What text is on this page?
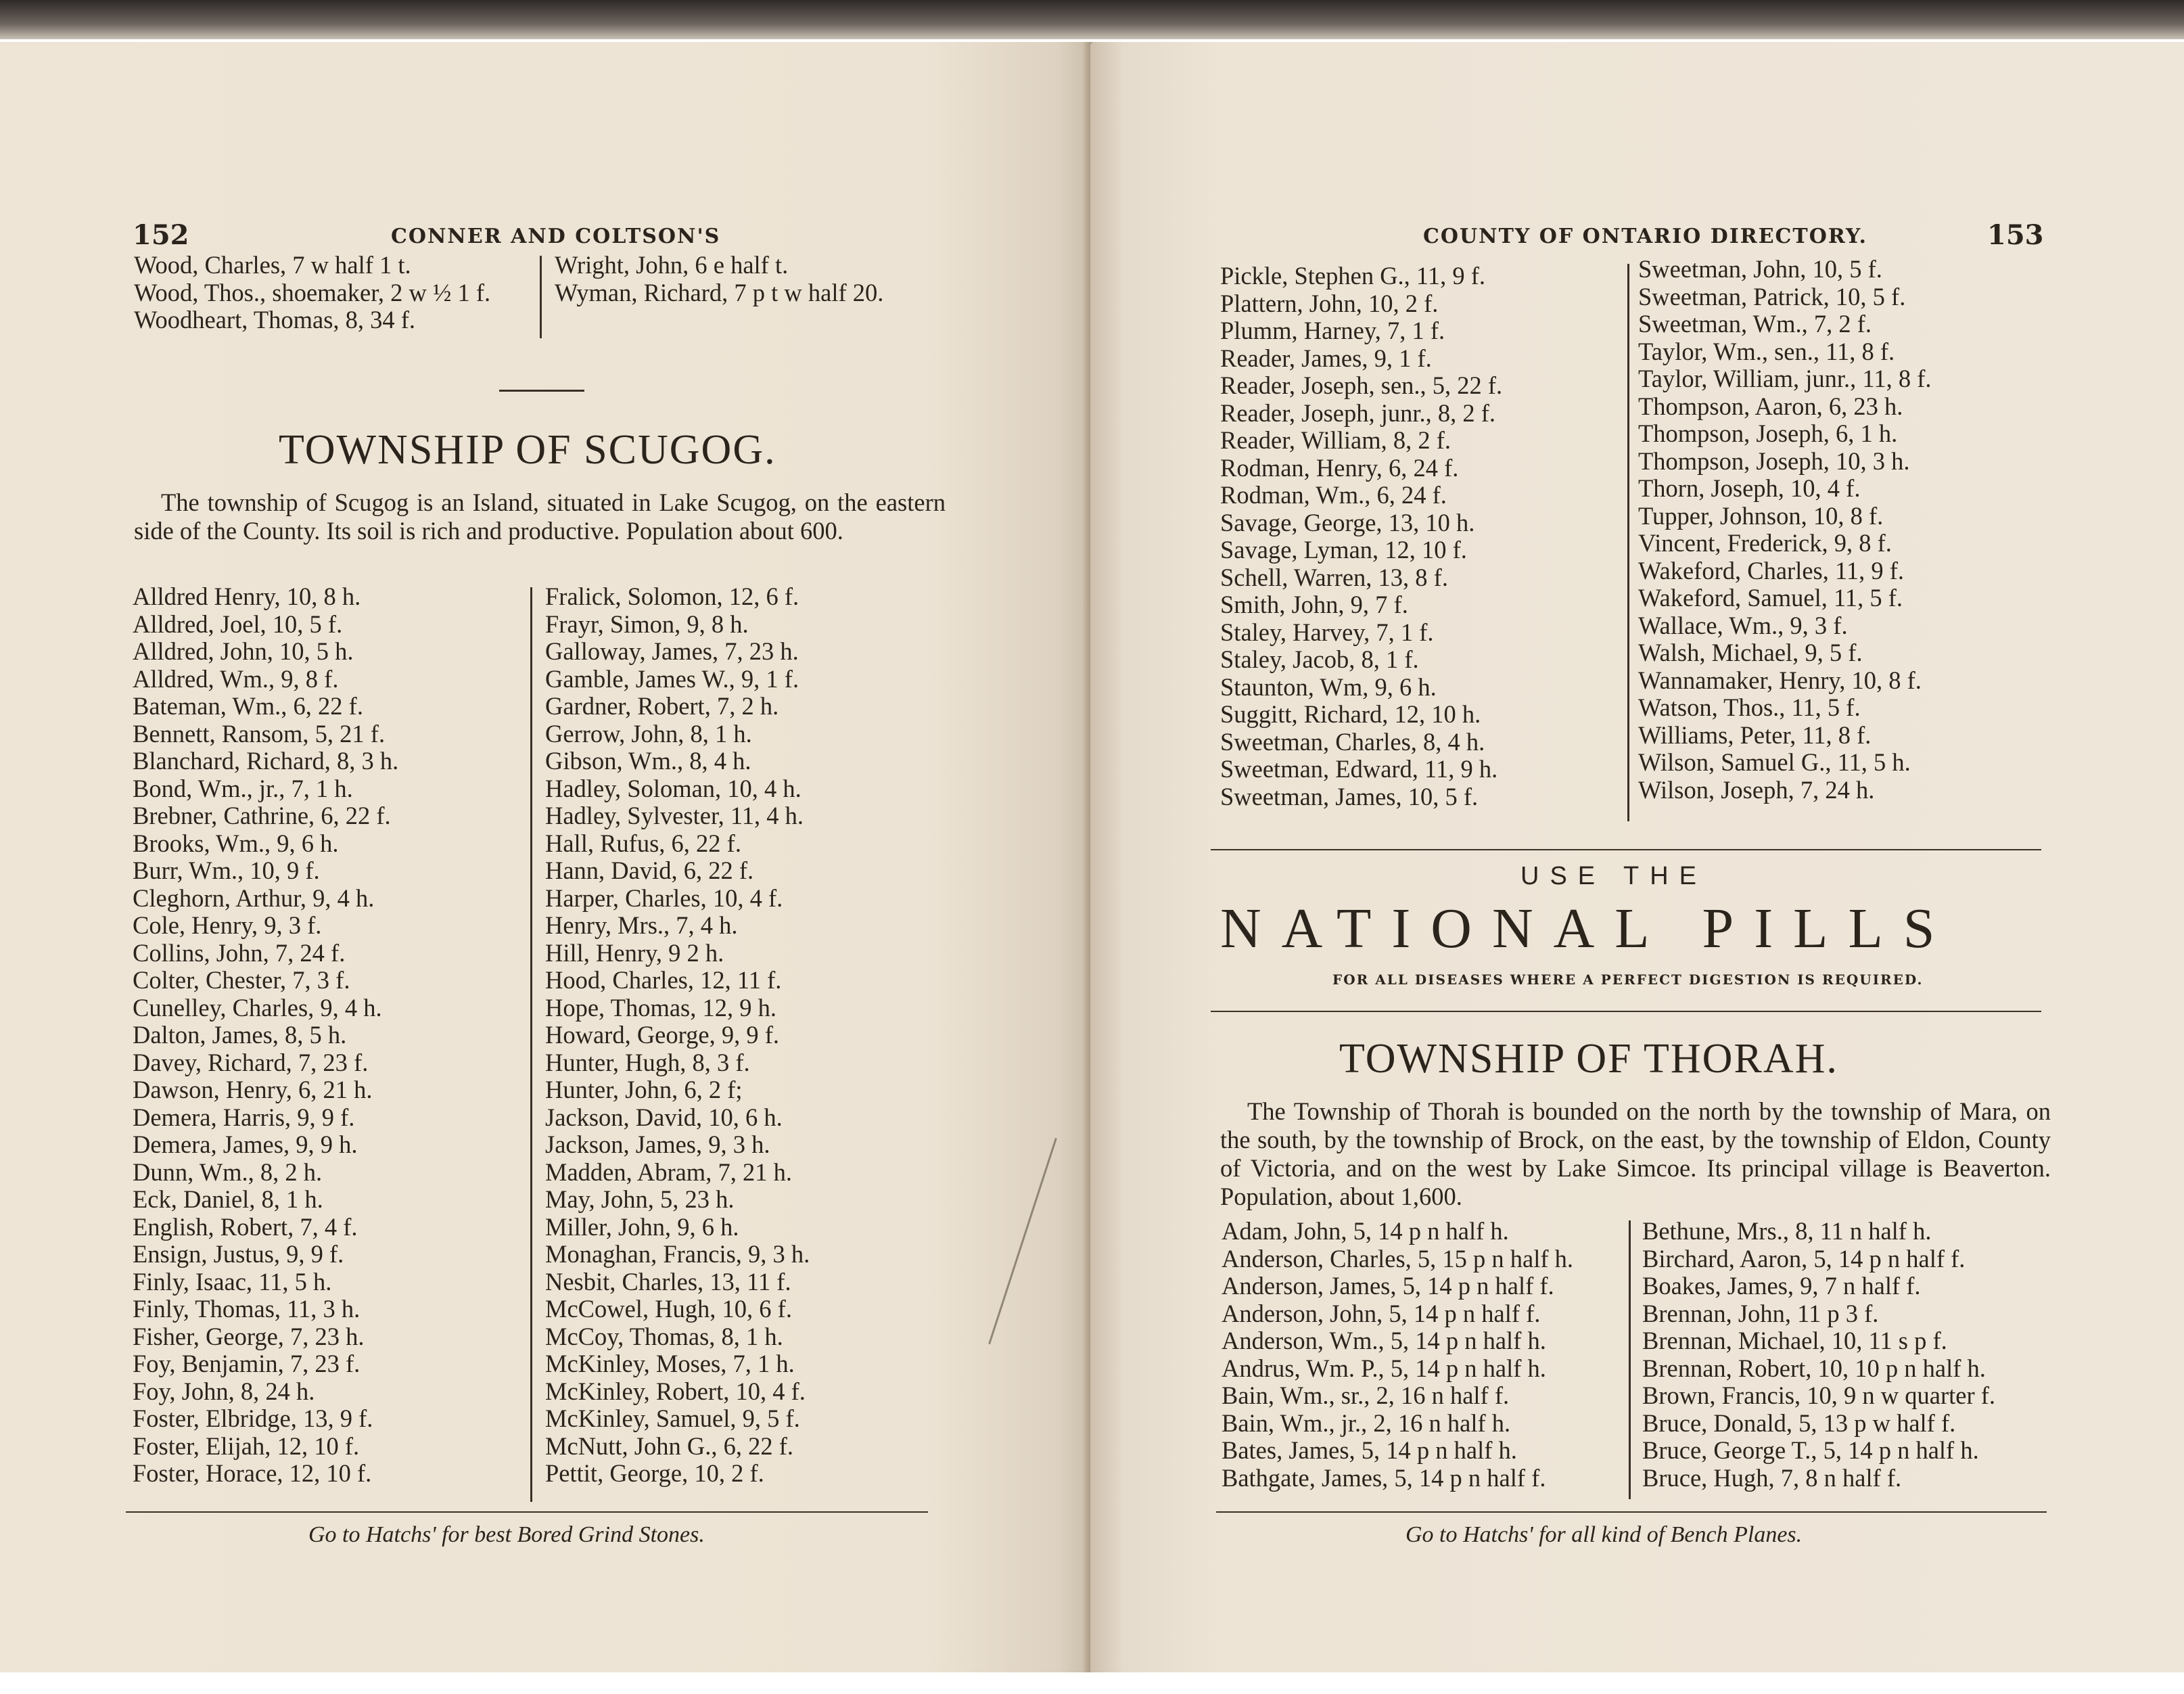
152	CONNER AND COLTSON'S
Wood, Charles, 7 w half 1 t.
Wood, Thos., shoemaker, 2 w ½ 1 f.
Woodheart, Thomas, 8, 34 f.
Wright, John, 6 e half t.
Wyman, Richard, 7 p t w half 20.
TOWNSHIP OF SCUGOG.
The township of Scugog is an Island, situated in Lake Scugog, on the eastern side of the County. Its soil is rich and productive. Population about 600.
Alldred Henry, 10, 8 h.
Alldred, Joel, 10, 5 f.
Alldred, John, 10, 5 h.
Alldred, Wm., 9, 8 f.
Bateman, Wm., 6, 22 f.
Bennett, Ransom, 5, 21 f.
Blanchard, Richard, 8, 3 h.
Bond, Wm., jr., 7, 1 h.
Brebner, Cathrine, 6, 22 f.
Brooks, Wm., 9, 6 h.
Burr, Wm., 10, 9 f.
Cleghorn, Arthur, 9, 4 h.
Cole, Henry, 9, 3 f.
Collins, John, 7, 24 f.
Colter, Chester, 7, 3 f.
Cunelley, Charles, 9, 4 h.
Dalton, James, 8, 5 h.
Davey, Richard, 7, 23 f.
Dawson, Henry, 6, 21 h.
Demera, Harris, 9, 9 f.
Demera, James, 9, 9 h.
Dunn, Wm., 8, 2 h.
Eck, Daniel, 8, 1 h.
English, Robert, 7, 4 f.
Ensign, Justus, 9, 9 f.
Finly, Isaac, 11, 5 h.
Finly, Thomas, 11, 3 h.
Fisher, George, 7, 23 h.
Foy, Benjamin, 7, 23 f.
Foy, John, 8, 24 h.
Foster, Elbridge, 13, 9 f.
Foster, Elijah, 12, 10 f.
Foster, Horace, 12, 10 f.
Fralick, Solomon, 12, 6 f.
Frayr, Simon, 9, 8 h.
Galloway, James, 7, 23 h.
Gamble, James W., 9, 1 f.
Gardner, Robert, 7, 2 h.
Gerrow, John, 8, 1 h.
Gibson, Wm., 8, 4 h.
Hadley, Soloman, 10, 4 h.
Hadley, Sylvester, 11, 4 h.
Hall, Rufus, 6, 22 f.
Hann, David, 6, 22 f.
Harper, Charles, 10, 4 f.
Henry, Mrs., 7, 4 h.
Hill, Henry, 9 2 h.
Hood, Charles, 12, 11 f.
Hope, Thomas, 12, 9 h.
Howard, George, 9, 9 f.
Hunter, Hugh, 8, 3 f.
Hunter, John, 6, 2 f;
Jackson, David, 10, 6 h.
Jackson, James, 9, 3 h.
Madden, Abram, 7, 21 h.
May, John, 5, 23 h.
Miller, John, 9, 6 h.
Monaghan, Francis, 9, 3 h.
Nesbit, Charles, 13, 11 f.
McCowel, Hugh, 10, 6 f.
McCoy, Thomas, 8, 1 h.
McKinley, Moses, 7, 1 h.
McKinley, Robert, 10, 4 f.
McKinley, Samuel, 9, 5 f.
McNutt, John G., 6, 22 f.
Pettit, George, 10, 2 f.
Go to Hatchs' for best Bored Grind Stones.
COUNTY OF ONTARIO DIRECTORY.	153
Pickle, Stephen G., 11, 9 f.
Plattern, John, 10, 2 f.
Plumm, Harney, 7, 1 f.
Reader, James, 9, 1 f.
Reader, Joseph, sen., 5, 22 f.
Reader, Joseph, junr., 8, 2 f.
Reader, William, 8, 2 f.
Rodman, Henry, 6, 24 f.
Rodman, Wm., 6, 24 f.
Savage, George, 13, 10 h.
Savage, Lyman, 12, 10 f.
Schell, Warren, 13, 8 f.
Smith, John, 9, 7 f.
Staley, Harvey, 7, 1 f.
Staley, Jacob, 8, 1 f.
Staunton, Wm, 9, 6 h.
Suggitt, Richard, 12, 10 h.
Sweetman, Charles, 8, 4 h.
Sweetman, Edward, 11, 9 h.
Sweetman, James, 10, 5 f.
Sweetman, John, 10, 5 f.
Sweetman, Patrick, 10, 5 f.
Sweetman, Wm., 7, 2 f.
Taylor, Wm., sen., 11, 8 f.
Taylor, William, junr., 11, 8 f.
Thompson, Aaron, 6, 23 h.
Thompson, Joseph, 6, 1 h.
Thompson, Joseph, 10, 3 h.
Thorn, Joseph, 10, 4 f.
Tupper, Johnson, 10, 8 f.
Vincent, Frederick, 9, 8 f.
Wakeford, Charles, 11, 9 f.
Wakeford, Samuel, 11, 5 f.
Wallace, Wm., 9, 3 f.
Walsh, Michael, 9, 5 f.
Wannamaker, Henry, 10, 8 f.
Watson, Thos., 11, 5 f.
Williams, Peter, 11, 8 f.
Wilson, Samuel G., 11, 5 h.
Wilson, Joseph, 7, 24 h.
USE THE
NATIONAL PILLS
FOR ALL DISEASES WHERE A PERFECT DIGESTION IS REQUIRED.
TOWNSHIP OF THORAH.
The Township of Thorah is bounded on the north by the township of Mara, on the south, by the township of Brock, on the east, by the township of Eldon, County of Victoria, and on the west by Lake Simcoe. Its principal village is Beaverton. Population, about 1,600.
Adam, John, 5, 14 p n half h.
Anderson, Charles, 5, 15 p n half h.
Anderson, James, 5, 14 p n half f.
Anderson, John, 5, 14 p n half f.
Anderson, Wm., 5, 14 p n half h.
Andrus, Wm. P., 5, 14 p n half h.
Bain, Wm., sr., 2, 16 n half f.
Bain, Wm., jr., 2, 16 n half h.
Bates, James, 5, 14 p n half h.
Bathgate, James, 5, 14 p n half f.
Bethune, Mrs., 8, 11 n half h.
Birchard, Aaron, 5, 14 p n half f.
Boakes, James, 9, 7 n half f.
Brennan, John, 11 p 3 f.
Brennan, Michael, 10, 11 s p f.
Brennan, Robert, 10, 10 p n half h.
Brown, Francis, 10, 9 n w quarter f.
Bruce, Donald, 5, 13 p w half f.
Bruce, George T., 5, 14 p n half h.
Bruce, Hugh, 7, 8 n half f.
Go to Hatchs' for all kind of Bench Planes.
